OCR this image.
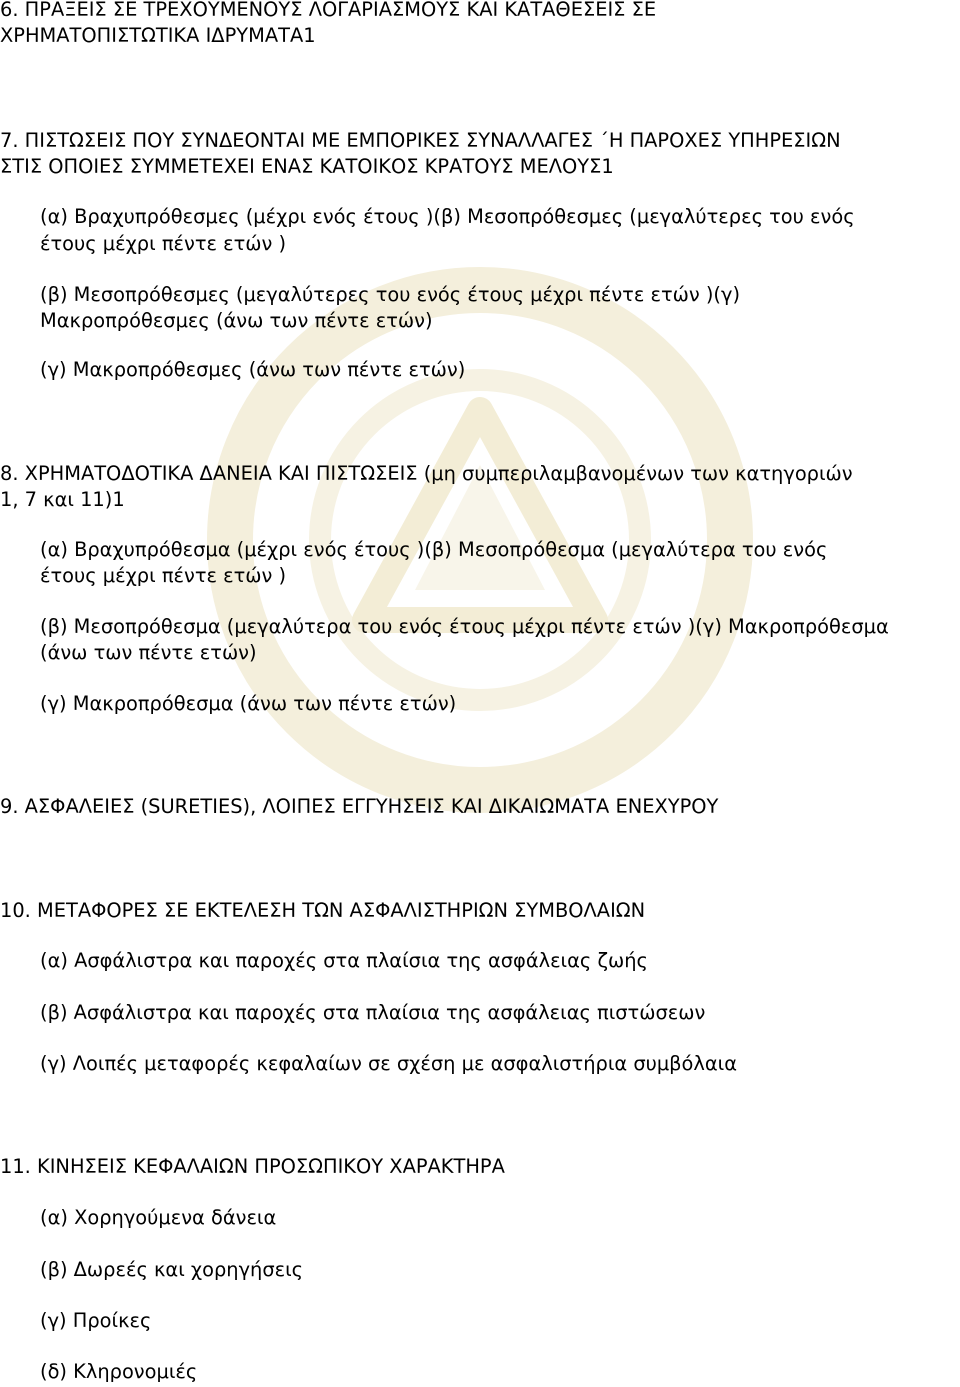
6. ΠΡΑΞΕΙΣ ΣΕ ΤΡΕΧΟΥΜΕΝΟΥΣ ΛΟΓΑΡΙΑΣΜΟΥΣ ΚΑΙ ΚΑΤΑΘΕΣΕΙΣ ΣΕ

ΧΡΗΜΑΤΟΠΙΣΤΩΤΙΚΑ ΙΔΡΥΜΑΤΑ1

7. ΠΙΣΤΩΣΕΙΣ ΠΟΥ ΣΥΝΔΕΟΝΤΑΙ ΜΕ ΕΜΠΟΡΙΚΕΣ ΣΥΝΑΛΛΑΓΕΣ ΄Η ΠΑΡΟΧΕΣ ΥΠΗΡΕΣΙΩΝ

ΣΤΙΣ ΟΠΟΙΕΣ ΣΥΜΜΕΤΕΧΕΙ ΕΝΑΣ ΚΑΤΟΙΚΟΣ ΚΡΑΤΟΥΣ ΜΕΛΟΥΣ1

(α) Βραχυπρόθεσμες (μέχρι ενός έτους )(β) Μεσοπρόθεσμες (μεγαλύτερες του ενός

έτους μέχρι πέντε ετών )

(β) Μεσοπρόθεσμες (μεγαλύτερες του ενός έτους μέχρι πέντε ετών )(γ)

Μακροπρόθεσμες (άνω των πέντε ετών)

(γ) Μακροπρόθεσμες (άνω των πέντε ετών)

8. ΧΡΗΜΑΤΟΔΟΤΙΚΑ ΔΑΝΕΙΑ ΚΑΙ ΠΙΣΤΩΣΕΙΣ (μη συμπεριλαμβανομένων των κατηγοριών

1, 7 και 11)1

(α) Βραχυπρόθεσμα (μέχρι ενός έτους )(β) Μεσοπρόθεσμα (μεγαλύτερα του ενός

έτους μέχρι πέντε ετών )

(β) Μεσοπρόθεσμα (μεγαλύτερα του ενός έτους μέχρι πέντε ετών )(γ) Μακροπρόθεσμα

(άνω των πέντε ετών)

(γ) Μακροπρόθεσμα (άνω των πέντε ετών)

9. ΑΣΦΑΛΕΙΕΣ (SURETIES), ΛΟΙΠΕΣ ΕΓΓΥΗΣΕΙΣ ΚΑΙ ΔΙΚΑΙΩΜΑΤΑ ΕΝΕΧΥΡΟΥ

10. ΜΕΤΑΦΟΡΕΣ ΣΕ ΕΚΤΕΛΕΣΗ ΤΩΝ ΑΣΦΑΛΙΣΤΗΡΙΩΝ ΣΥΜΒΟΛΑΙΩΝ

(α) Ασφάλιστρα και παροχές στα πλαίσια της ασφάλειας ζωής

(β) Ασφάλιστρα και παροχές στα πλαίσια της ασφάλειας πιστώσεων

(γ) Λοιπές μεταφορές κεφαλαίων σε σχέση με ασφαλιστήρια συμβόλαια

11. ΚΙΝΗΣΕΙΣ ΚΕΦΑΛΑΙΩΝ ΠΡΟΣΩΠΙΚΟΥ ΧΑΡΑΚΤΗΡΑ

(α) Χορηγούμενα δάνεια

(β) Δωρεές και χορηγήσεις

(γ) Προίκες

(δ) Κληρονομιές
